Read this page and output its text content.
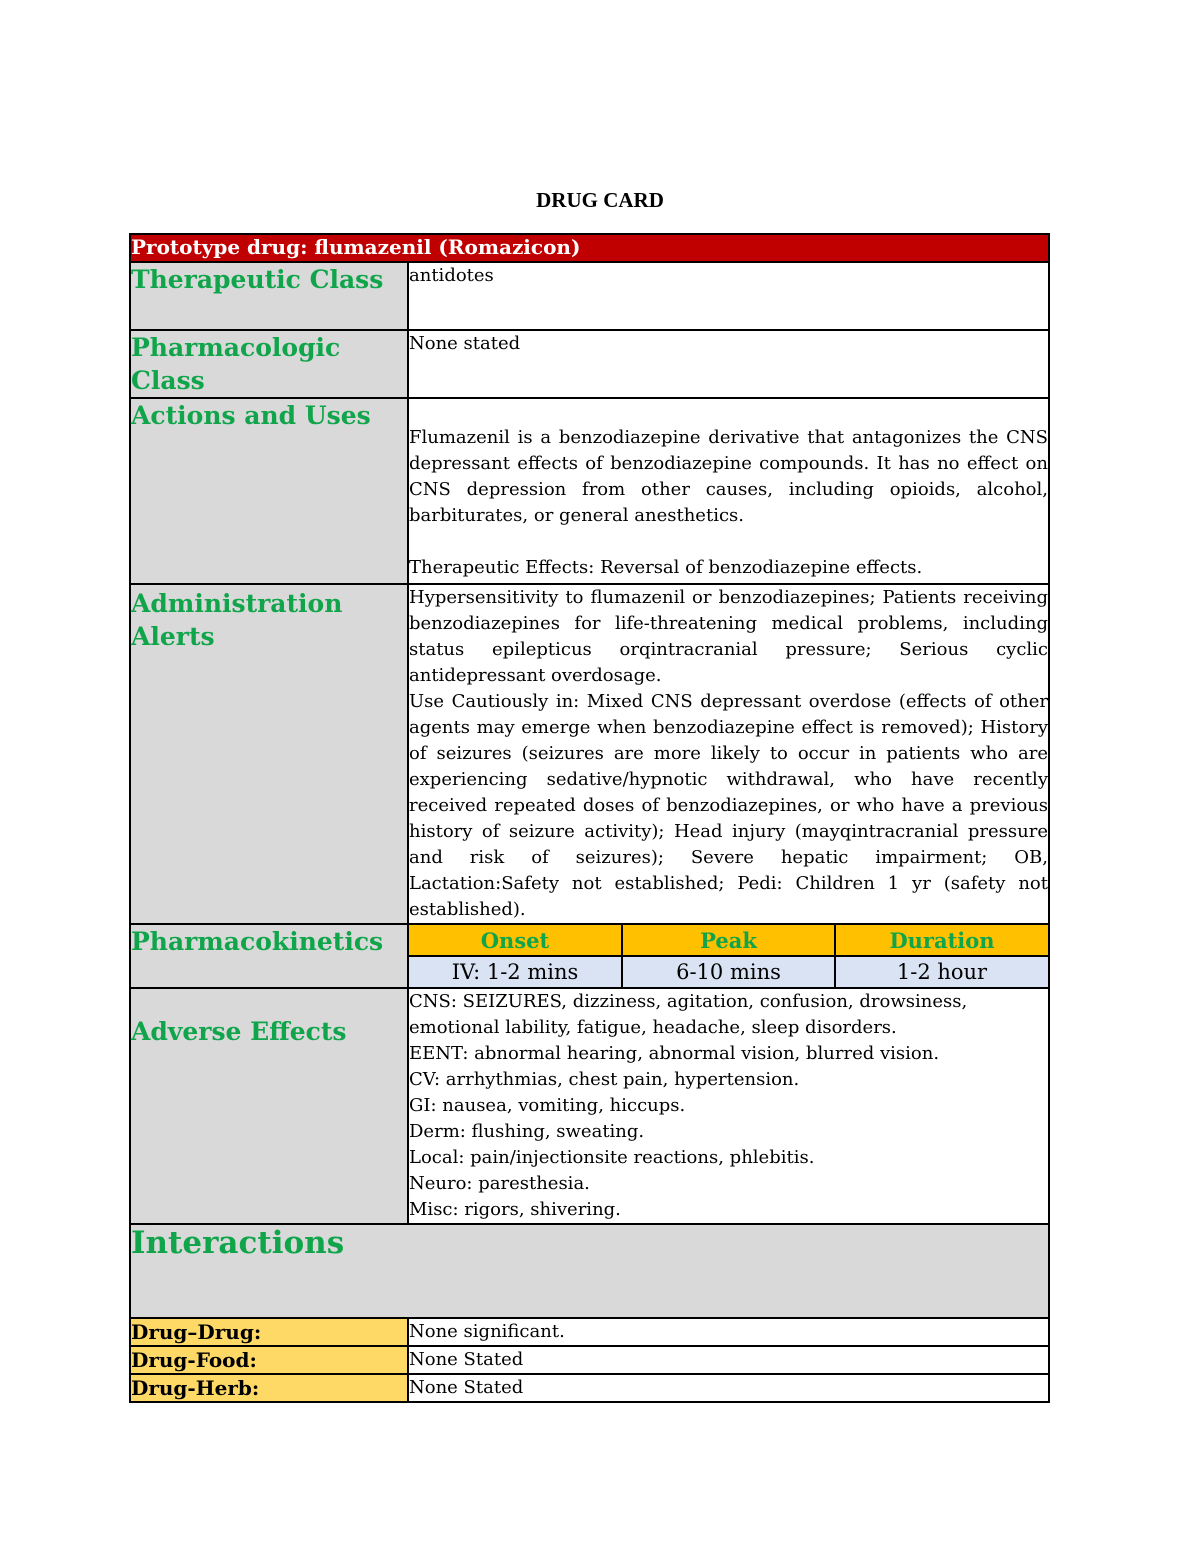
DRUG CARD
Prototype drug: flumazenil (Romazicon)
Therapeutic Class	antidotes
Pharmacologic Class	None stated
Actions and Uses	
Flumazenil is a benzodiazepine derivative that antagonizes the CNS depressant effects of benzodiazepine compounds. It has no effect on CNS depression from other causes, including opioids, alcohol, barbiturates, or general anesthetics.
Therapeutic Effects: Reversal of benzodiazepine effects.

Administration Alerts	
Hypersensitivity to flumazenil or benzodiazepines; Patients receiving benzodiazepines for life-threatening medical problems, including status epilepticus orqintracranial pressure; Serious cyclic antidepressant overdosage.
Use Cautiously in: Mixed CNS depressant overdose (effects of other agents may emerge when benzodiazepine effect is removed); History of seizures (seizures are more likely to occur in patients who are experiencing sedative/hypnotic withdrawal, who have recently received repeated doses of benzodiazepines, or who have a previous history of seizure activity); Head injury (mayqintracranial pressure and risk of seizures); Severe hepatic impairment; OB, Lactation:Safety not established; Pedi: Children 1 yr (safety not established).

Pharmacokinetics		Onset	Peak	Duration
IV: 1-2 mins	6-10 mins	1-2 hour

Adverse Effects	
CNS: SEIZURES, dizziness, agitation, confusion, drowsiness, emotional lability, fatigue, headache, sleep disorders.
EENT: abnormal hearing, abnormal vision, blurred vision.
CV: arrhythmias, chest pain, hypertension.
GI: nausea, vomiting, hiccups.
Derm: flushing, sweating.
Local: pain/injectionsite reactions, phlebitis.
Neuro: paresthesia.
Misc: rigors, shivering.

Interactions
Drug–Drug:	None significant.
Drug-Food:	None Stated
Drug-Herb:	None Stated
